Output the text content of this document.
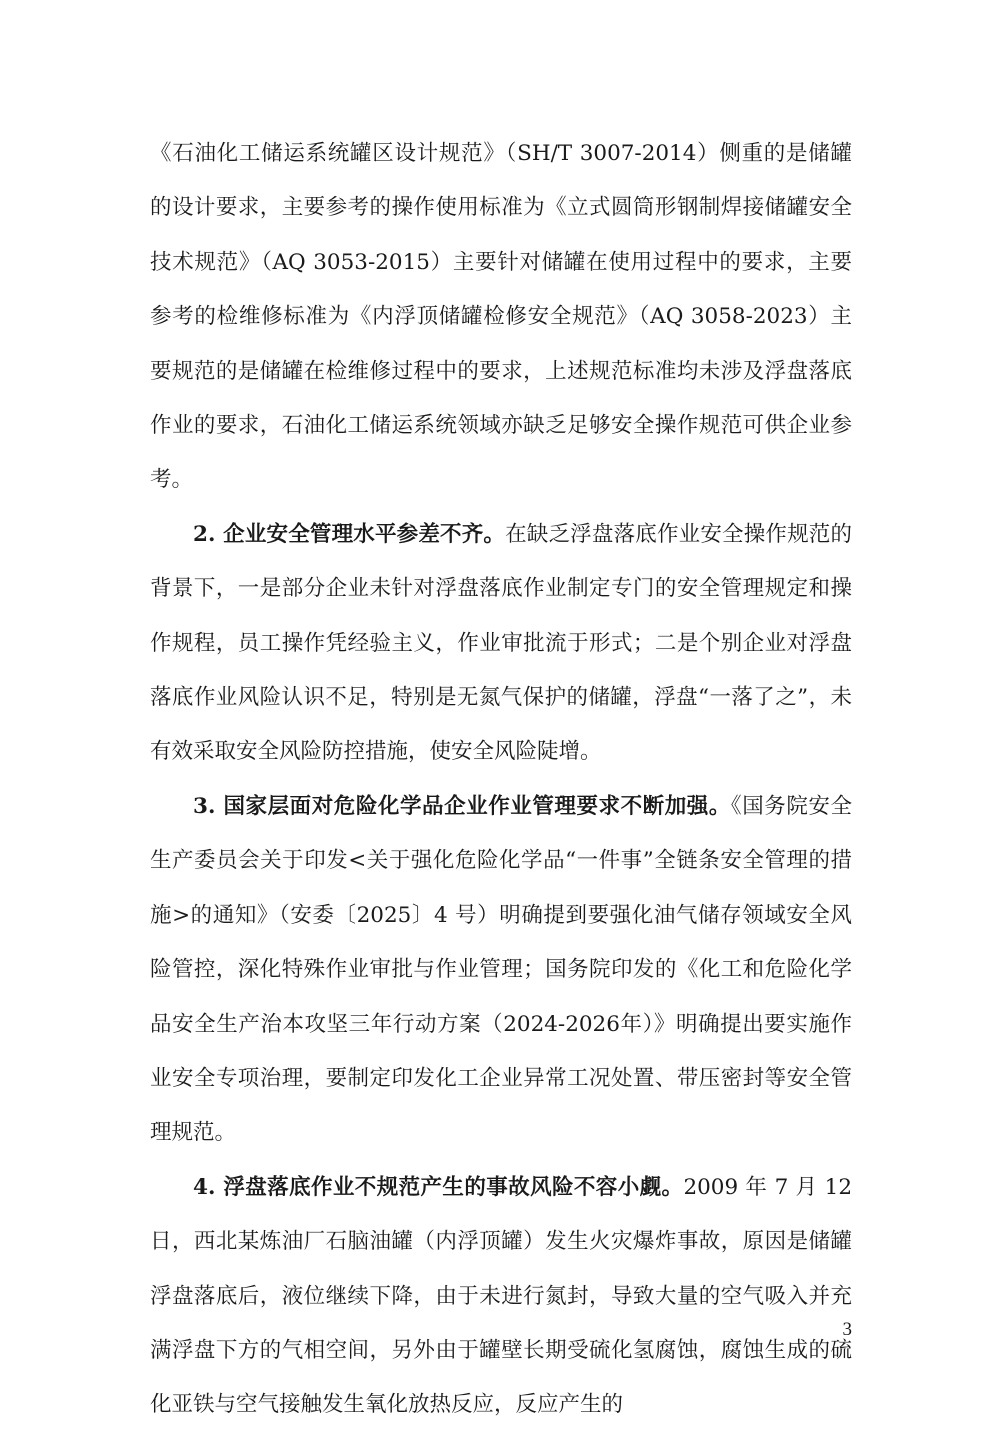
《石油化工储运系统罐区设计规范》（SH/T 3007-2014）侧重的是储罐的设计要求，主要参考的操作使用标准为《立式圆筒形钢制焊接储罐安全技术规范》（AQ 3053-2015）主要针对储罐在使用过程中的要求，主要参考的检维修标准为《内浮顶储罐检修安全规范》（AQ 3058-2023）主要规范的是储罐在检维修过程中的要求，上述规范标准均未涉及浮盘落底作业的要求，石油化工储运系统领域亦缺乏足够安全操作规范可供企业参考。

2. 企业安全管理水平参差不齐。在缺乏浮盘落底作业安全操作规范的背景下，一是部分企业未针对浮盘落底作业制定专门的安全管理规定和操作规程，员工操作凭经验主义，作业审批流于形式；二是个别企业对浮盘落底作业风险认识不足，特别是无氮气保护的储罐，浮盘“一落了之”，未有效采取安全风险防控措施，使安全风险陡增。

3. 国家层面对危险化学品企业作业管理要求不断加强。《国务院安全生产委员会关于印发<关于强化危险化学品“一件事”全链条安全管理的措施>的通知》（安委〔2025〕4 号）明确提到要强化油气储存领域安全风险管控，深化特殊作业审批与作业管理；国务院印发的《化工和危险化学品安全生产治本攻坚三年行动方案（2024-2026年）》明确提出要实施作业安全专项治理，要制定印发化工企业异常工况处置、带压密封等安全管理规范。

4. 浮盘落底作业不规范产生的事故风险不容小觑。2009 年 7 月 12 日，西北某炼油厂石脑油罐（内浮顶罐）发生火灾爆炸事故，原因是储罐浮盘落底后，液位继续下降，由于未进行氮封，导致大量的空气吸入并充满浮盘下方的气相空间，另外由于罐壁长期受硫化氢腐蚀，腐蚀生成的硫化亚铁与空气接触发生氧化放热反应，反应产生的

3
